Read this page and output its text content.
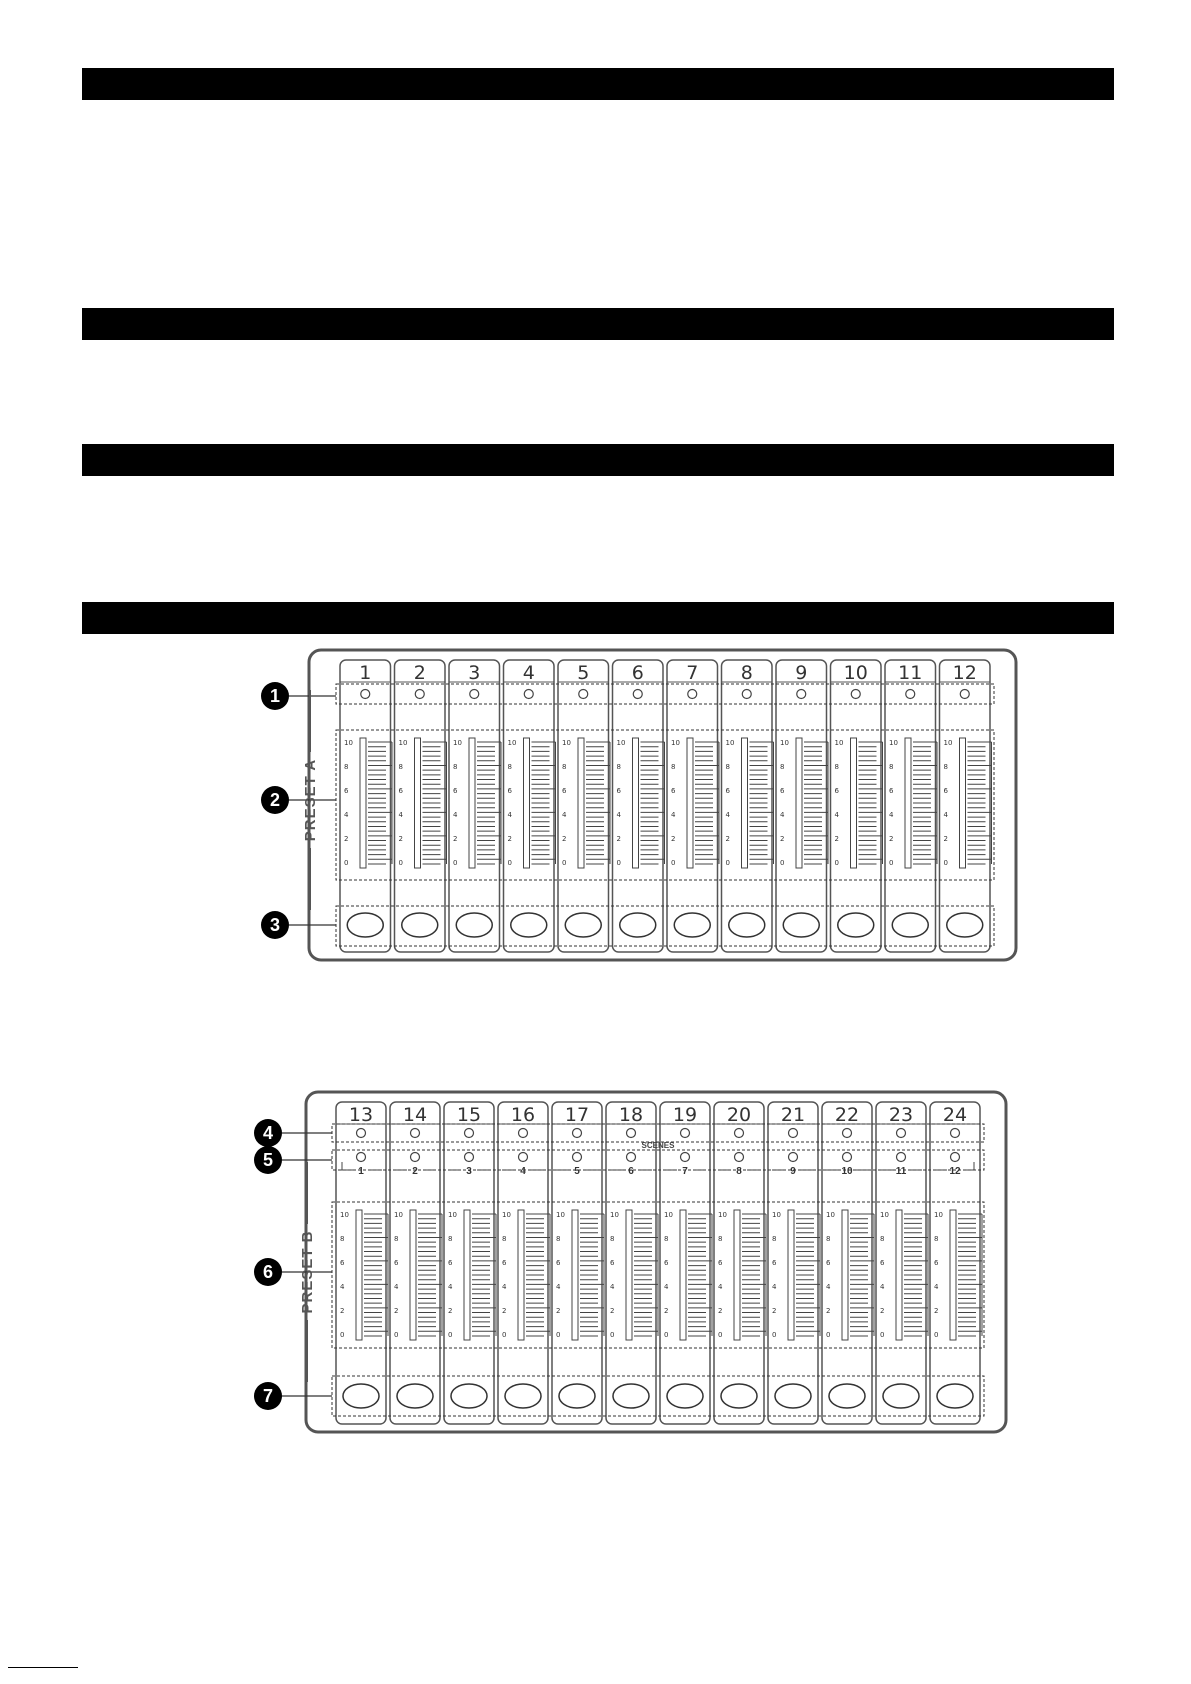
1
10
8
6
4
2
0
2
10
8
6
4
2
0
3
10
8
6
4
2
0
4
10
8
6
4
2
0
5
10
8
6
4
2
0
6
10
8
6
4
2
0
7
10
8
6
4
2
0
8
10
8
6
4
2
0
9
10
8
6
4
2
0
10
10
8
6
4
2
0
11
10
8
6
4
2
0
12
10
8
6
4
2
0
1
2
3
PRESET A
13
10
8
6
4
2
0
14
10
8
6
4
2
0
15
10
8
6
4
2
0
16
10
8
6
4
2
0
17
10
8
6
4
2
0
18
10
8
6
4
2
0
19
10
8
6
4
2
0
20
10
8
6
4
2
0
21
10
8
6
4
2
0
22
10
8
6
4
2
0
23
10
8
6
4
2
0
24
10
8
6
4
2
0
1	2	3	4	5	6	7	8	9	10	11	12
SCENES
4
5
6
7
PRESET B
